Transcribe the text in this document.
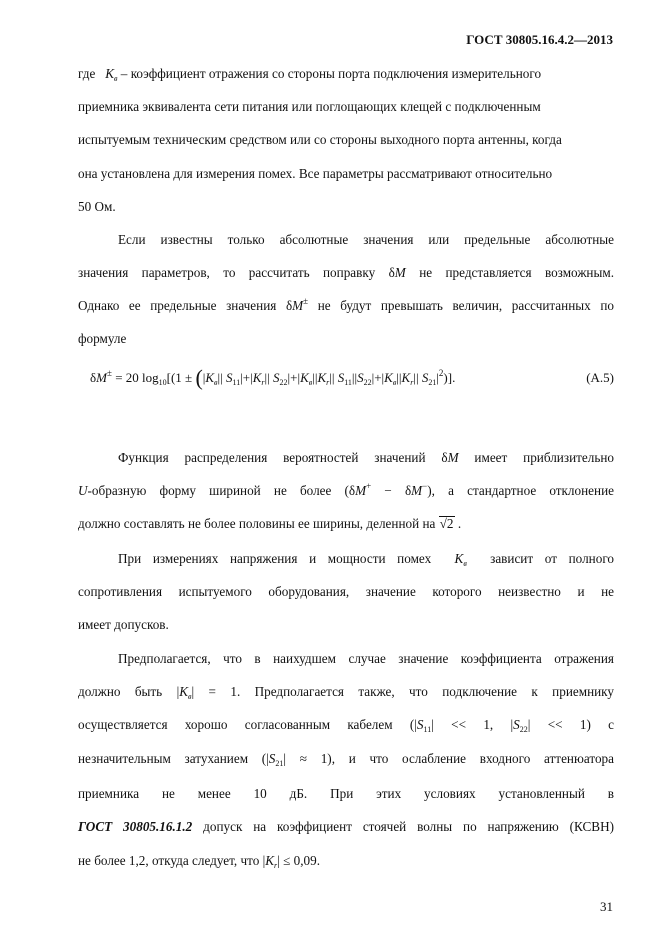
ГОСТ 30805.16.4.2—2013
где $K_в$ – коэффициент отражения со стороны порта подключения измерительного
приемника эквивалента сети питания или поглощающих клещей с подключенным
испытуемым техническим средством или со стороны выходного порта антенны, когда
она установлена для измерения помех. Все параметры рассматривают относительно
50 Ом.
Если известны только абсолютные значения или предельные абсолютные
значения параметров, то рассчитать поправку δM не представляется возможным.
Однако ее предельные значения δM± не будут превышать величин, рассчитанных по
формуле
δM± = 20 $\log_{10}[(1 \pm (|K_в||$ $S_{11}|+|K_r||$ $S_{22}|+|K_в||K_r||$ $S_{11}||S_{22}|+|K_в||K_r||$ $S_{21}|^2$)].	(А.5)
Функция распределения вероятностей значений δM имеет приблизительно
U-образную форму шириной не более (δM+ − δM−), а стандартное отклонение
должно составлять не более половины ее ширины, деленной на √2 .
При измерениях напряжения и мощности помех $K_в$ зависит от полного
сопротивления испытуемого оборудования, значение которого неизвестно и не
имеет допусков.
Предполагается, что в наихудшем случае значение коэффициента отражения
должно быть $|K_в| = 1$. Предполагается также, что подключение к приемнику
осуществляется хорошо согласованным кабелем ($|S_{11}| << 1$, $|S_{22}| << 1$) с
незначительным затуханием $(|S_{21}| \approx 1)$, и что ослабление входного аттенюатора
приемника не менее 10 дБ. При этих условиях установленный в
ГОСТ 30805.16.1.2 допуск на коэффициент стоячей волны по напряжению (КСВН)
не более 1,2, откуда следует, что $|K_r| \le 0,09$.
31
